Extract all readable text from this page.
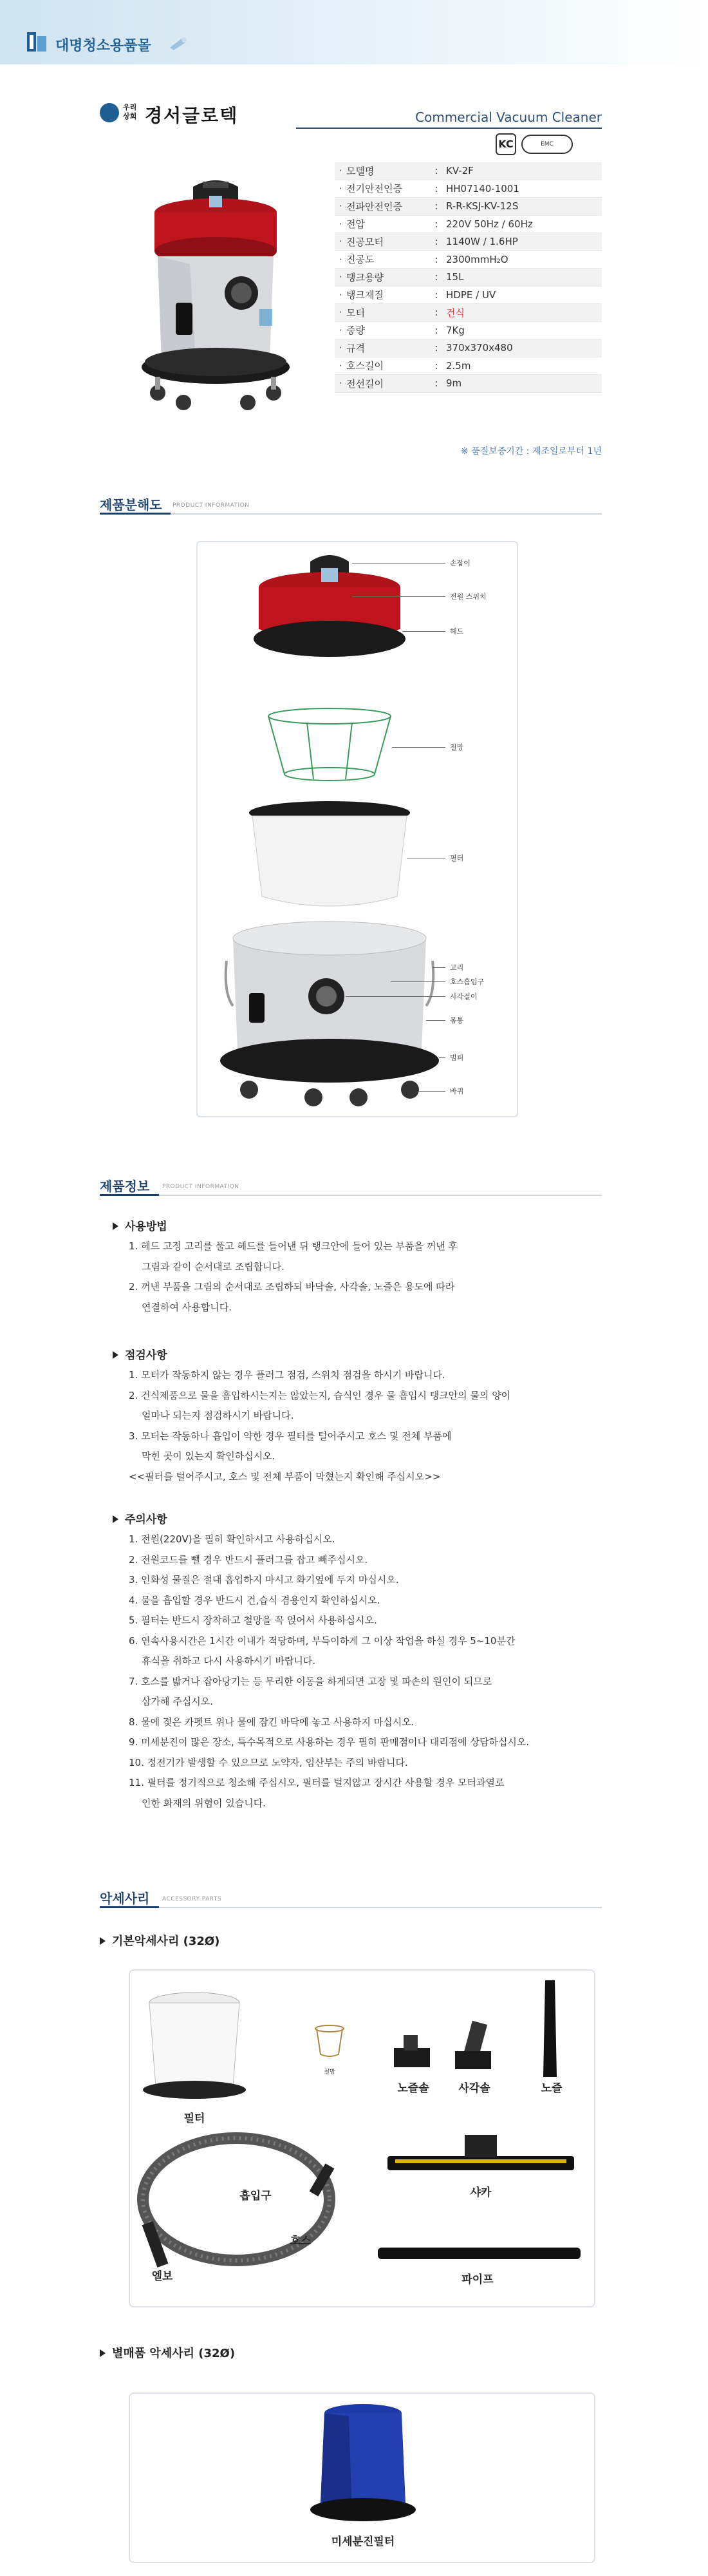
대명청소용품몰
우리상회 경서글로텍	Commercial Vacuum Cleaner
KC	EMC
· 모델명	: KV-2F
· 전기안전인증	: HH07140-1001
· 전파안전인증	: R-R-KSJ-KV-12S
· 전압	: 220V 50Hz / 60Hz
· 진공모터	: 1140W / 1.6HP
· 진공도	: 2300mmH₂O
· 탱크용량	: 15L
· 탱크재질	: HDPE / UV
· 모터	: 건식
· 중량	: 7Kg
· 규격	: 370x370x480
· 호스길이	: 2.5m
· 전선길이	: 9m
※ 품질보증기간 : 제조일로부터 1년
제품분해도 PRODUCT INFORMATION
손잡이
전원 스위치
헤드
철망
필터
고리
호스흡입구
사각걸이
몸통
범퍼
바퀴
제품정보 PRODUCT INFORMATION
사용방법
1. 헤드 고정 고리를 풀고 헤드를 들어낸 뒤 탱크안에 들어 있는 부품을 꺼낸 후
그림과 같이 순서대로 조립합니다.
2. 꺼낸 부품을 그림의 순서대로 조립하되 바닥솔, 사각솔, 노즐은 용도에 따라
연결하여 사용합니다.
점검사항
1. 모터가 작동하지 않는 경우 플러그 점검, 스위치 점검을 하시기 바랍니다.
2. 건식제품으로 물을 흡입하시는지는 않았는지, 습식인 경우 물 흡입시 탱크안의 물의 양이
얼마나 되는지 점검하시기 바랍니다.
3. 모터는 작동하나 흡입이 약한 경우 필터를 털어주시고 호스 및 전체 부품에
막힌 곳이 있는지 확인하십시오.
<<필터를 털어주시고, 호스 및 전체 부품이 막혔는지 확인해 주십시오>>
주의사항
1. 전원(220V)을 필히 확인하시고 사용하십시오.
2. 전원코드를 뺄 경우 반드시 플러그를 잡고 빼주십시오.
3. 인화성 물질은 절대 흡입하지 마시고 화기옆에 두지 마십시오.
4. 물을 흡입할 경우 반드시 건,습식 겸용인지 확인하십시오.
5. 필터는 반드시 장착하고 철망을 꼭 얹어서 사용하십시오.
6. 연속사용시간은 1시간 이내가 적당하며, 부득이하게 그 이상 작업을 하실 경우 5~10분간
휴식을 취하고 다시 사용하시기 바랍니다.
7. 호스를 밟거나 잡아당기는 등 무리한 이동을 하게되면 고장 및 파손의 원인이 되므로
삼가해 주십시오.
8. 물에 젖은 카펫트 위나 물에 잠긴 바닥에 놓고 사용하지 마십시오.
9. 미세분진이 많은 장소, 특수목적으로 사용하는 경우 필히 판매점이나 대리점에 상담하십시오.
10. 정전기가 발생할 수 있으므로 노약자, 임산부는 주의 바랍니다.
11. 필터를 정기적으로 청소해 주십시오, 필터를 털지않고 장시간 사용할 경우 모터과열로
인한 화재의 위험이 있습니다.
악세사리 ACCESSORY PARTS
기본악세사리 (32Ø)
필터
철망
노즐솔	사각솔	노즐
흡입구
호스
엘보
샤카
파이프
별매품 악세사리 (32Ø)
미세분진필터
